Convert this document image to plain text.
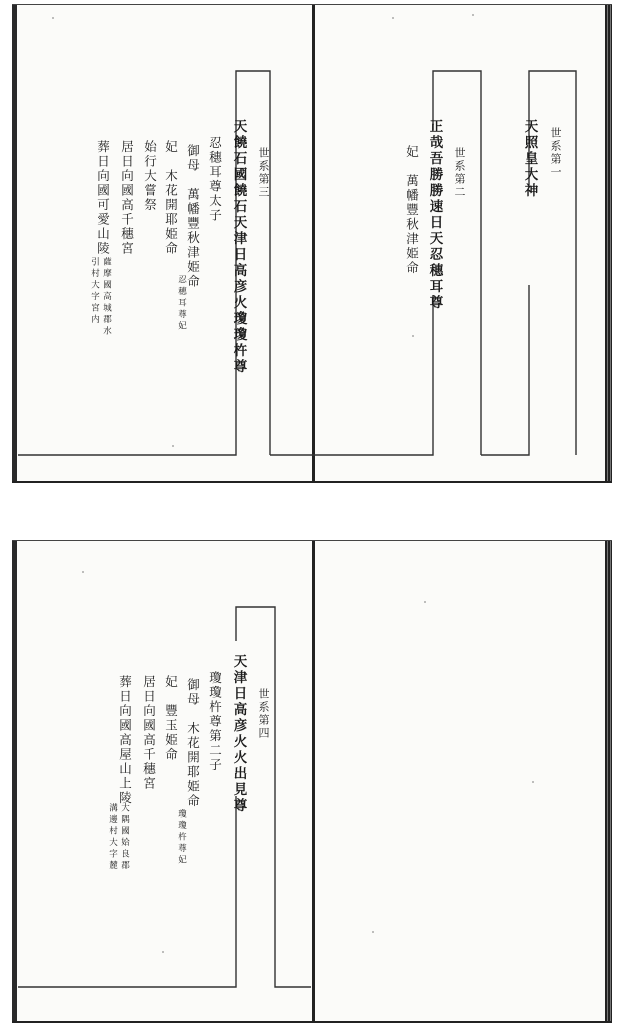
世系第一
天照皇大神
世系第二
正哉吾勝勝速日天忍穗耳尊
妃　萬幡豐秋津姫命
世系第三
天饒石國饒石天津日高彦火瓊瓊杵尊
忍穗耳尊太子
御母　萬幡豐秋津姫命
忍穗耳尊妃
妃　木花開耶姫命
始行大嘗祭
居日向國高千穗宮
葬日向國可愛山陵
薩摩國高城郡水
引村大字宮内
世系第四
天津日高彦火火出見尊
瓊瓊杵尊第二子
御母　木花開耶姫命
瓊瓊杵尊妃
妃　豐玉姫命
居日向國高千穗宮
葬日向國高屋山上陵
大隅國姶良郡
溝邊村大字麓
